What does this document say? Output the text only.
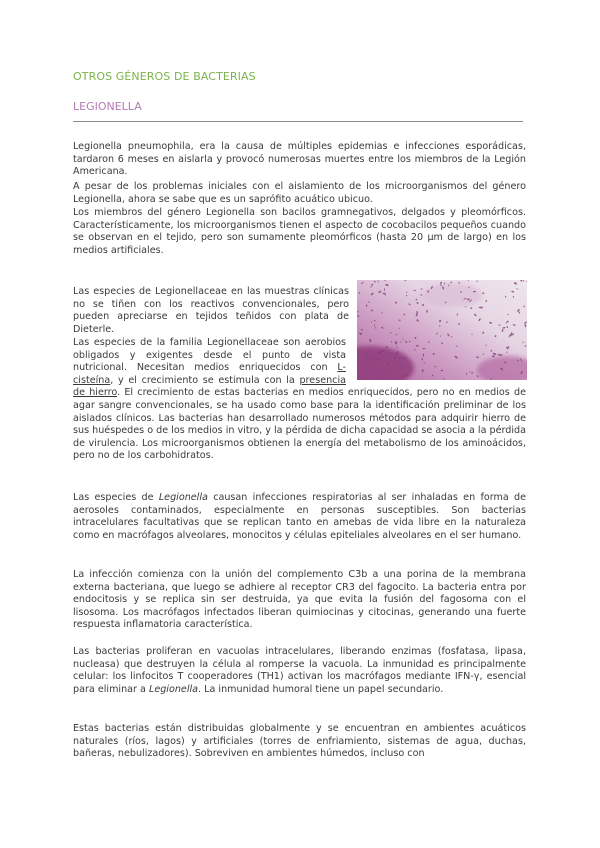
OTROS GÉNEROS DE BACTERIAS
LEGIONELLA

Legionella pneumophila, era la causa de múltiples epidemias e infecciones esporádicas, tardaron 6 meses en aislarla y provocó numerosas muertes entre los miembros de la Legión Americana.

A pesar de los problemas iniciales con el aislamiento de los microorganismos del género Legionella, ahora se sabe que es un saprófito acuático ubicuo.

Los miembros del género Legionella son bacilos gramnegativos, delgados y pleomórficos. Característicamente, los microorganismos tienen el aspecto de cocobacilos pequeños cuando se observan en el tejido, pero son sumamente pleomórficos (hasta 20 µm de largo) en los medios artificiales.

Las especies de Legionellaceae en las muestras clínicas no se tiñen con los reactivos convencionales, pero pueden apreciarse en tejidos teñidos con plata de Dieterle.

Las especies de la familia Legionellaceae son aerobios obligados y exigentes desde el punto de vista nutricional. Necesitan medios enriquecidos con L-cisteína, y el crecimiento se estimula con la presencia de hierro. El crecimiento de estas bacterias en medios enriquecidos, pero no en medios de agar sangre convencionales, se ha usado como base para la identificación preliminar de los aislados clínicos. Las bacterias han desarrollado numerosos métodos para adquirir hierro de sus huéspedes o de los medios in vitro, y la pérdida de dicha capacidad se asocia a la pérdida de virulencia. Los microorganismos obtienen la energía del metabolismo de los aminoácidos, pero no de los carbohidratos.

Las especies de Legionella causan infecciones respiratorias al ser inhaladas en forma de aerosoles contaminados, especialmente en personas susceptibles. Son bacterias intracelulares facultativas que se replican tanto en amebas de vida libre en la naturaleza como en macrófagos alveolares, monocitos y células epiteliales alveolares en el ser humano.

La infección comienza con la unión del complemento C3b a una porina de la membrana externa bacteriana, que luego se adhiere al receptor CR3 del fagocito. La bacteria entra por endocitosis y se replica sin ser destruida, ya que evita la fusión del fagosoma con el lisosoma. Los macrófagos infectados liberan quimiocinas y citocinas, generando una fuerte respuesta inflamatoria característica.

Las bacterias proliferan en vacuolas intracelulares, liberando enzimas (fosfatasa, lipasa, nucleasa) que destruyen la célula al romperse la vacuola. La inmunidad es principalmente celular: los linfocitos T cooperadores (TH1) activan los macrófagos mediante IFN-γ, esencial para eliminar a Legionella. La inmunidad humoral tiene un papel secundario.

Estas bacterias están distribuidas globalmente y se encuentran en ambientes acuáticos naturales (ríos, lagos) y artificiales (torres de enfriamiento, sistemas de agua, duchas, bañeras, nebulizadores). Sobreviven en ambientes húmedos, incluso con
